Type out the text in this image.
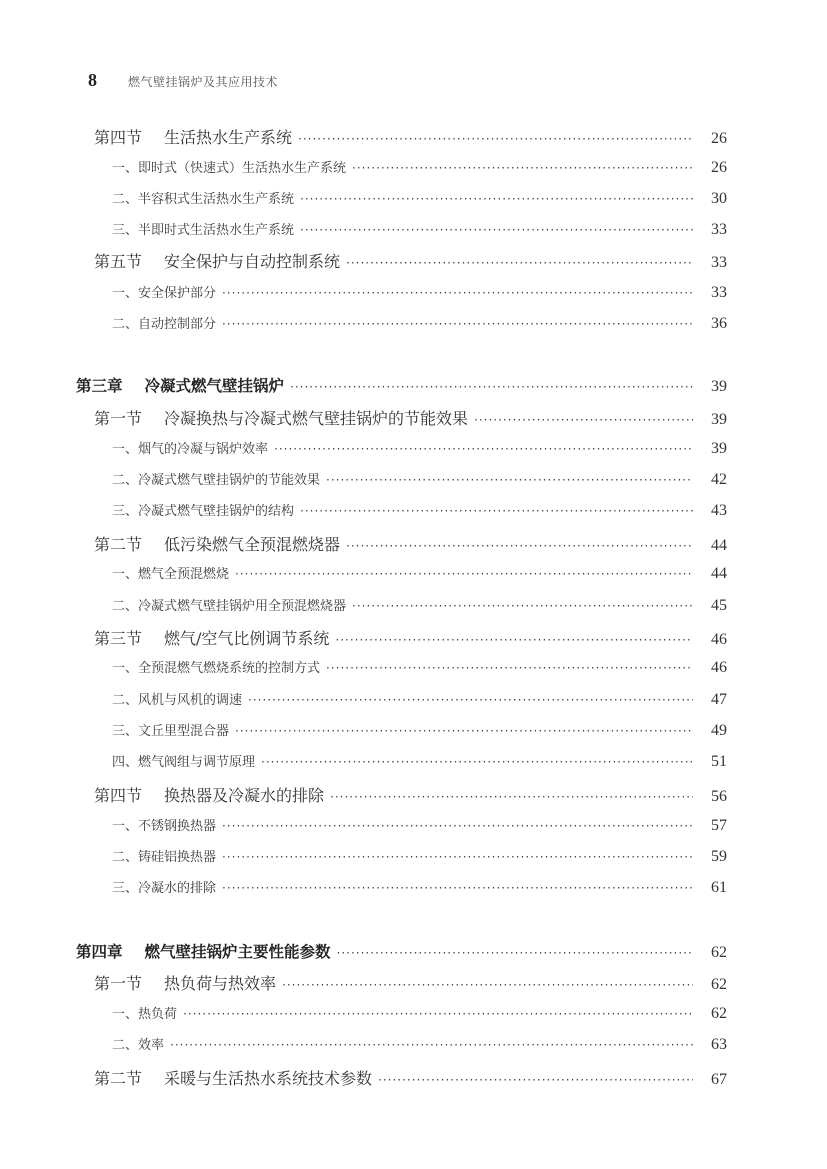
8	燃气壁挂锅炉及其应用技术
第四节 生活热水生产系统 ·····	26
一、即时式（快速式）生活热水生产系统 ·····	26
二、半容积式生活热水生产系统 ·····	30
三、半即时式生活热水生产系统 ·····	33
第五节 安全保护与自动控制系统 ·····	33
一、安全保护部分 ·····	33
二、自动控制部分 ·····	36
第三章 冷凝式燃气壁挂锅炉 ·····	39
第一节 冷凝换热与冷凝式燃气壁挂锅炉的节能效果 ·····	39
一、烟气的冷凝与锅炉效率 ·····	39
二、冷凝式燃气壁挂锅炉的节能效果 ·····	42
三、冷凝式燃气壁挂锅炉的结构 ·····	43
第二节 低污染燃气全预混燃烧器 ·····	44
一、燃气全预混燃烧 ·····	44
二、冷凝式燃气壁挂锅炉用全预混燃烧器 ·····	45
第三节 燃气/空气比例调节系统 ·····	46
一、全预混燃气燃烧系统的控制方式 ·····	46
二、风机与风机的调速 ·····	47
三、文丘里型混合器 ·····	49
四、燃气阀组与调节原理 ·····	51
第四节 换热器及冷凝水的排除 ·····	56
一、不锈钢换热器 ·····	57
二、铸硅铝换热器 ·····	59
三、冷凝水的排除 ·····	61
第四章 燃气壁挂锅炉主要性能参数 ·····	62
第一节 热负荷与热效率 ·····	62
一、热负荷 ·····	62
二、效率 ·····	63
第二节 采暖与生活热水系统技术参数 ·····	67
